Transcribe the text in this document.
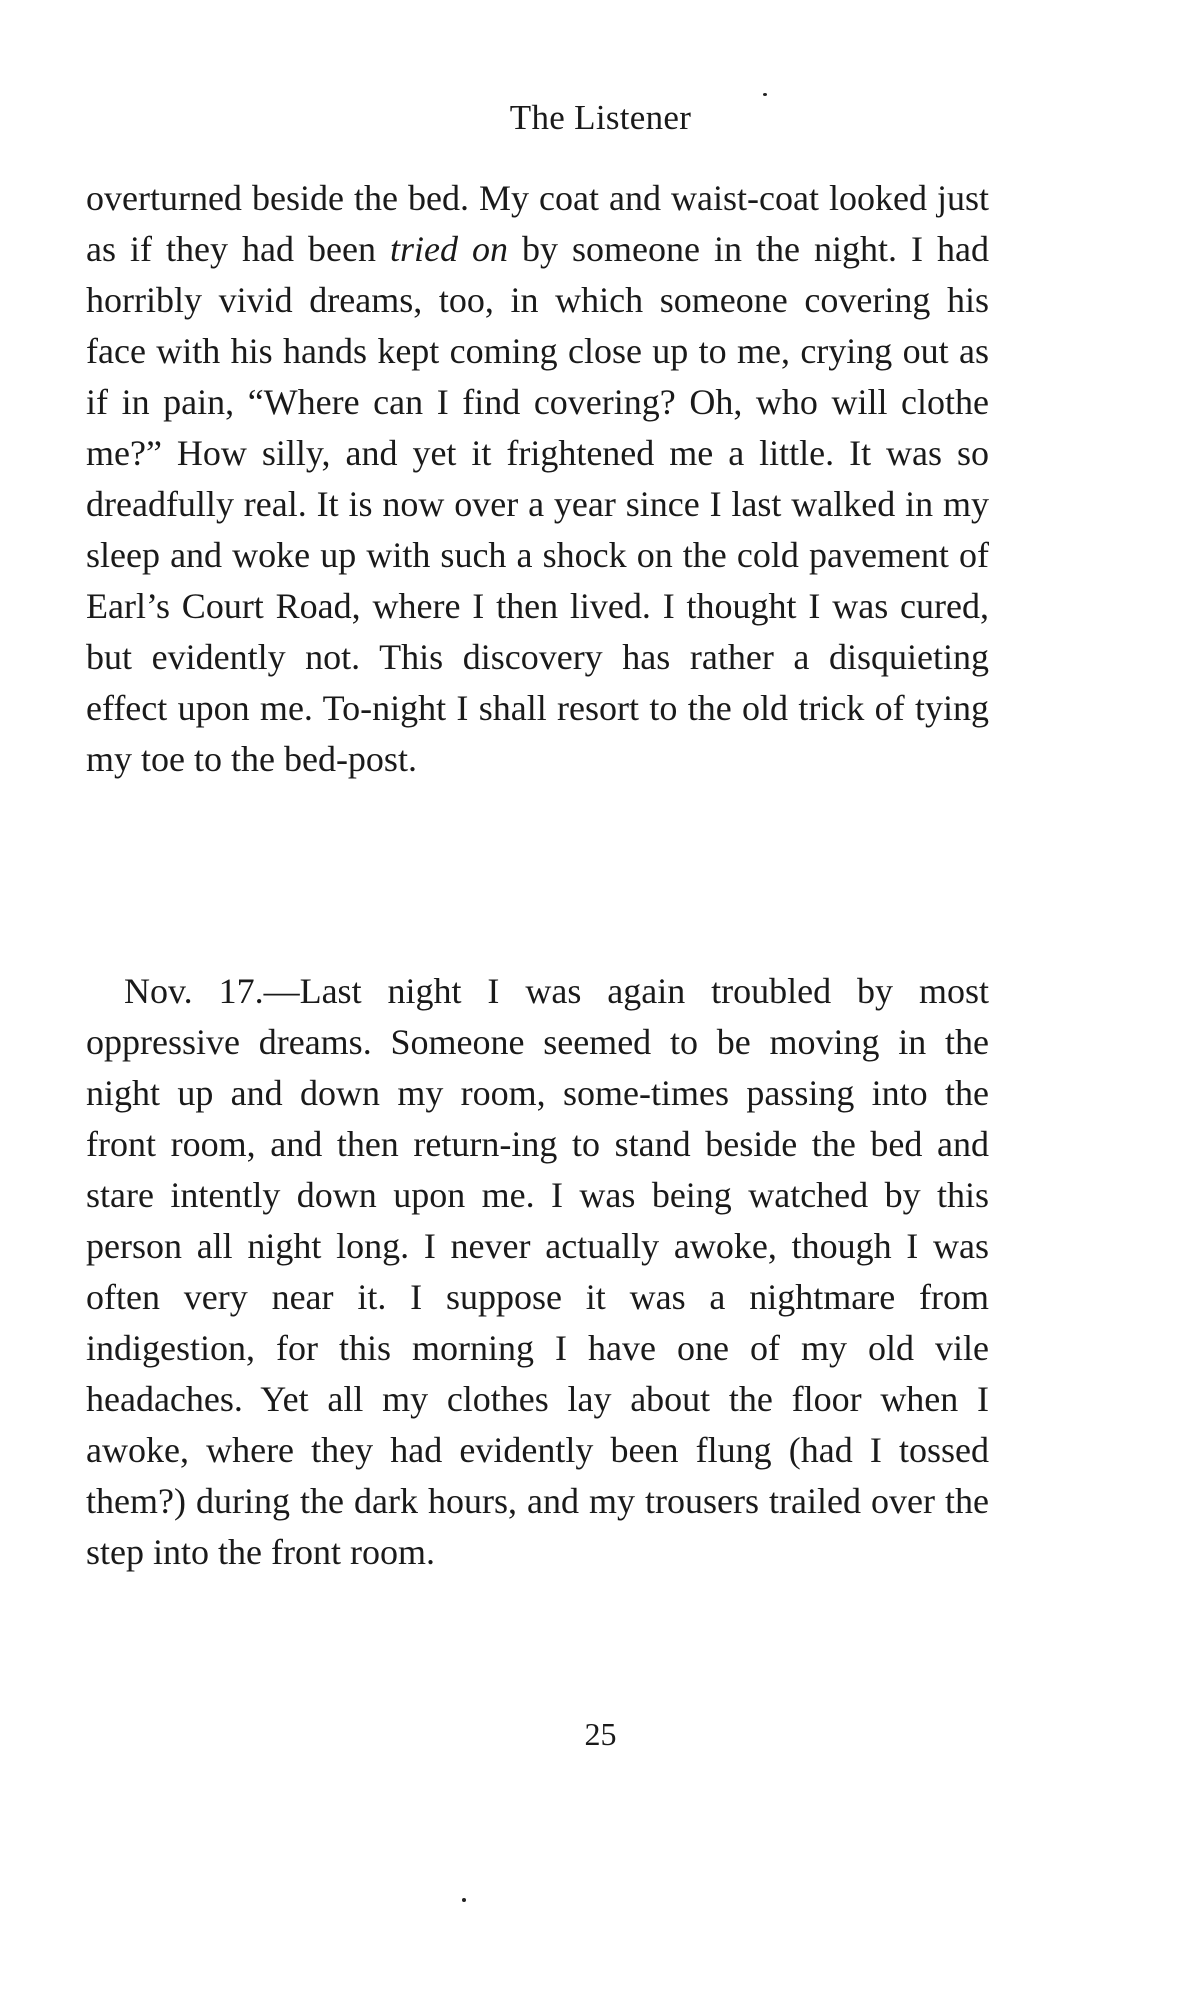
The Listener

overturned beside the bed. My coat and waist-coat looked just as if they had been tried on by someone in the night. I had horribly vivid dreams, too, in which someone covering his face with his hands kept coming close up to me, crying out as if in pain, “Where can I find covering? Oh, who will clothe me?” How silly, and yet it frightened me a little. It was so dreadfully real. It is now over a year since I last walked in my sleep and woke up with such a shock on the cold pavement of Earl’s Court Road, where I then lived. I thought I was cured, but evidently not. This discovery has rather a disquieting effect upon me. To-night I shall resort to the old trick of tying my toe to the bed-post.

Nov. 17.—Last night I was again troubled by most oppressive dreams. Someone seemed to be moving in the night up and down my room, some-times passing into the front room, and then return-ing to stand beside the bed and stare intently down upon me. I was being watched by this person all night long. I never actually awoke, though I was often very near it. I suppose it was a nightmare from indigestion, for this morning I have one of my old vile headaches. Yet all my clothes lay about the floor when I awoke, where they had evidently been flung (had I tossed them?) during the dark hours, and my trousers trailed over the step into the front room.

25
